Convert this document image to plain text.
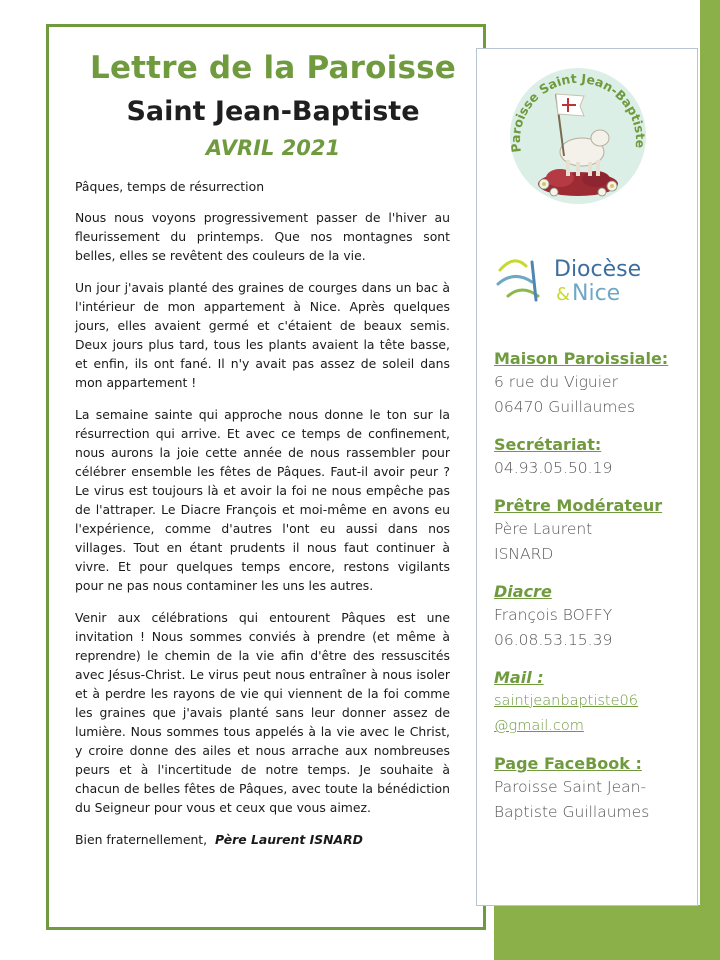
Lettre de la Paroisse
Saint Jean-Baptiste
AVRIL 2021

Pâques, temps de résurrection

Nous nous voyons progressivement passer de l'hiver au fleurissement du printemps. Que nos montagnes sont belles, elles se revêtent des couleurs de la vie.

Un jour j'avais planté des graines de courges dans un bac à l'intérieur de mon appartement à Nice. Après quelques jours, elles avaient germé et c'étaient de beaux semis. Deux jours plus tard, tous les plants avaient la tête basse, et enfin, ils ont fané. Il n'y avait pas assez de soleil dans mon appartement !

La semaine sainte qui approche nous donne le ton sur la résurrection qui arrive. Et avec ce temps de confinement, nous aurons la joie cette année de nous rassembler pour célébrer ensemble les fêtes de Pâques. Faut-il avoir peur ? Le virus est toujours là et avoir la foi ne nous empêche pas de l'attraper. Le Diacre François et moi-même en avons eu l'expérience, comme d'autres l'ont eu aussi dans nos villages. Tout en étant prudents il nous faut continuer à vivre. Et pour quelques temps encore, restons vigilants pour ne pas nous contaminer les uns les autres.

Venir aux célébrations qui entourent Pâques est une invitation ! Nous sommes conviés à prendre (et même à reprendre) le chemin de la vie afin d'être des ressuscités avec Jésus-Christ. Le virus peut nous entraîner à nous isoler et à perdre les rayons de vie qui viennent de la foi comme les graines que j'avais planté sans leur donner assez de lumière. Nous sommes tous appelés à la vie avec le Christ, y croire donne des ailes et nous arrache aux nombreuses peurs et à l'incertitude de notre temps. Je souhaite à chacun de belles fêtes de Pâques, avec toute la bénédiction du Seigneur pour vous et ceux que vous aimez.

Bien fraternellement, Père Laurent ISNARD

Paroisse Saint Jean-Baptiste
Diocèse
& Nice
Maison Paroissiale:
6 rue du Viguier
06470 Guillaumes
Secrétariat:
04.93.05.50.19
Prêtre Modérateur
Père Laurent
ISNARD
Diacre
François BOFFY
06.08.53.15.39
Mail :
saintjeanbaptiste06
@gmail.com
Page FaceBook :
Paroisse Saint Jean-
Baptiste Guillaumes
